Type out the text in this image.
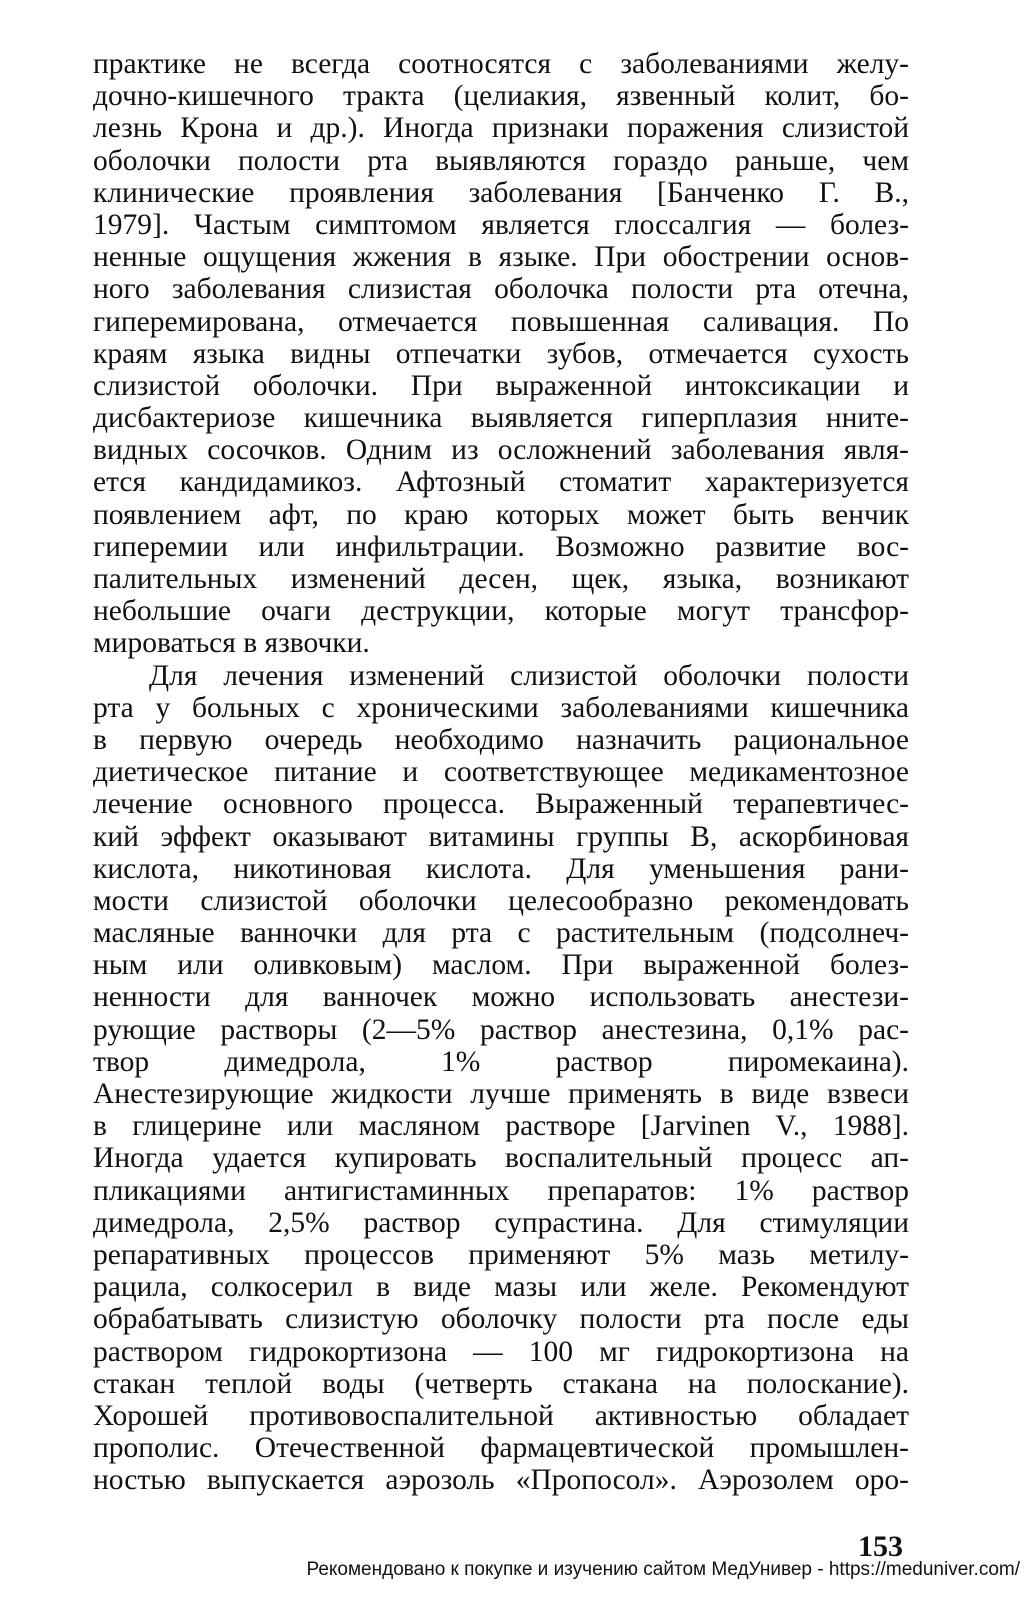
практике не всегда соотносятся с заболеваниями желу-
дочно-кишечного тракта (целиакия, язвенный колит, бо-
лезнь Крона и др.). Иногда признаки поражения слизистой
оболочки полости рта выявляются гораздо раньше, чем
клинические проявления заболевания [Банченко Г. В.,
1979]. Частым симптомом является глоссалгия — болез-
ненные ощущения жжения в языке. При обострении основ-
ного заболевания слизистая оболочка полости рта отечна,
гиперемирована, отмечается повышенная саливация. По
краям языка видны отпечатки зубов, отмечается сухость
слизистой оболочки. При выраженной интоксикации и
дисбактериозе кишечника выявляется гиперплазия нните-
видных сосочков. Одним из осложнений заболевания явля-
ется кандидамикоз. Афтозный стоматит характеризуется
появлением афт, по краю которых может быть венчик
гиперемии или инфильтрации. Возможно развитие вос-
палительных изменений десен, щек, языка, возникают
небольшие очаги деструкции, которые могут трансфор-
мироваться в язвочки.
Для лечения изменений слизистой оболочки полости
рта у больных с хроническими заболеваниями кишечника
в первую очередь необходимо назначить рациональное
диетическое питание и соответствующее медикаментозное
лечение основного процесса. Выраженный терапевтичес-
кий эффект оказывают витамины группы В, аскорбиновая
кислота, никотиновая кислота. Для уменьшения рани-
мости слизистой оболочки целесообразно рекомендовать
масляные ванночки для рта с растительным (подсолнеч-
ным или оливковым) маслом. При выраженной болез-
ненности для ванночек можно использовать анестези-
рующие растворы (2—5% раствор анестезина, 0,1% рас-
твор димедрола, 1% раствор пиромекаина).
Анестезирующие жидкости лучше применять в виде взвеси
в глицерине или масляном растворе [Jarvinen V., 1988].
Иногда удается купировать воспалительный процесс ап-
пликациями антигистаминных препаратов: 1% раствор
димедрола, 2,5% раствор супрастина. Для стимуляции
репаративных процессов применяют 5% мазь метилу-
рацила, солкосерил в виде мазы или желе. Рекомендуют
обрабатывать слизистую оболочку полости рта после еды
раствором гидрокортизона — 100 мг гидрокортизона на
стакан теплой воды (четверть стакана на полоскание).
Хорошей противовоспалительной активностью обладает
прополис. Отечественной фармацевтической промышлен-
ностью выпускается аэрозоль «Пропосол». Аэрозолем оро-
153
Рекомендовано к покупке и изучению сайтом МедУнивер - https://meduniver.com/
